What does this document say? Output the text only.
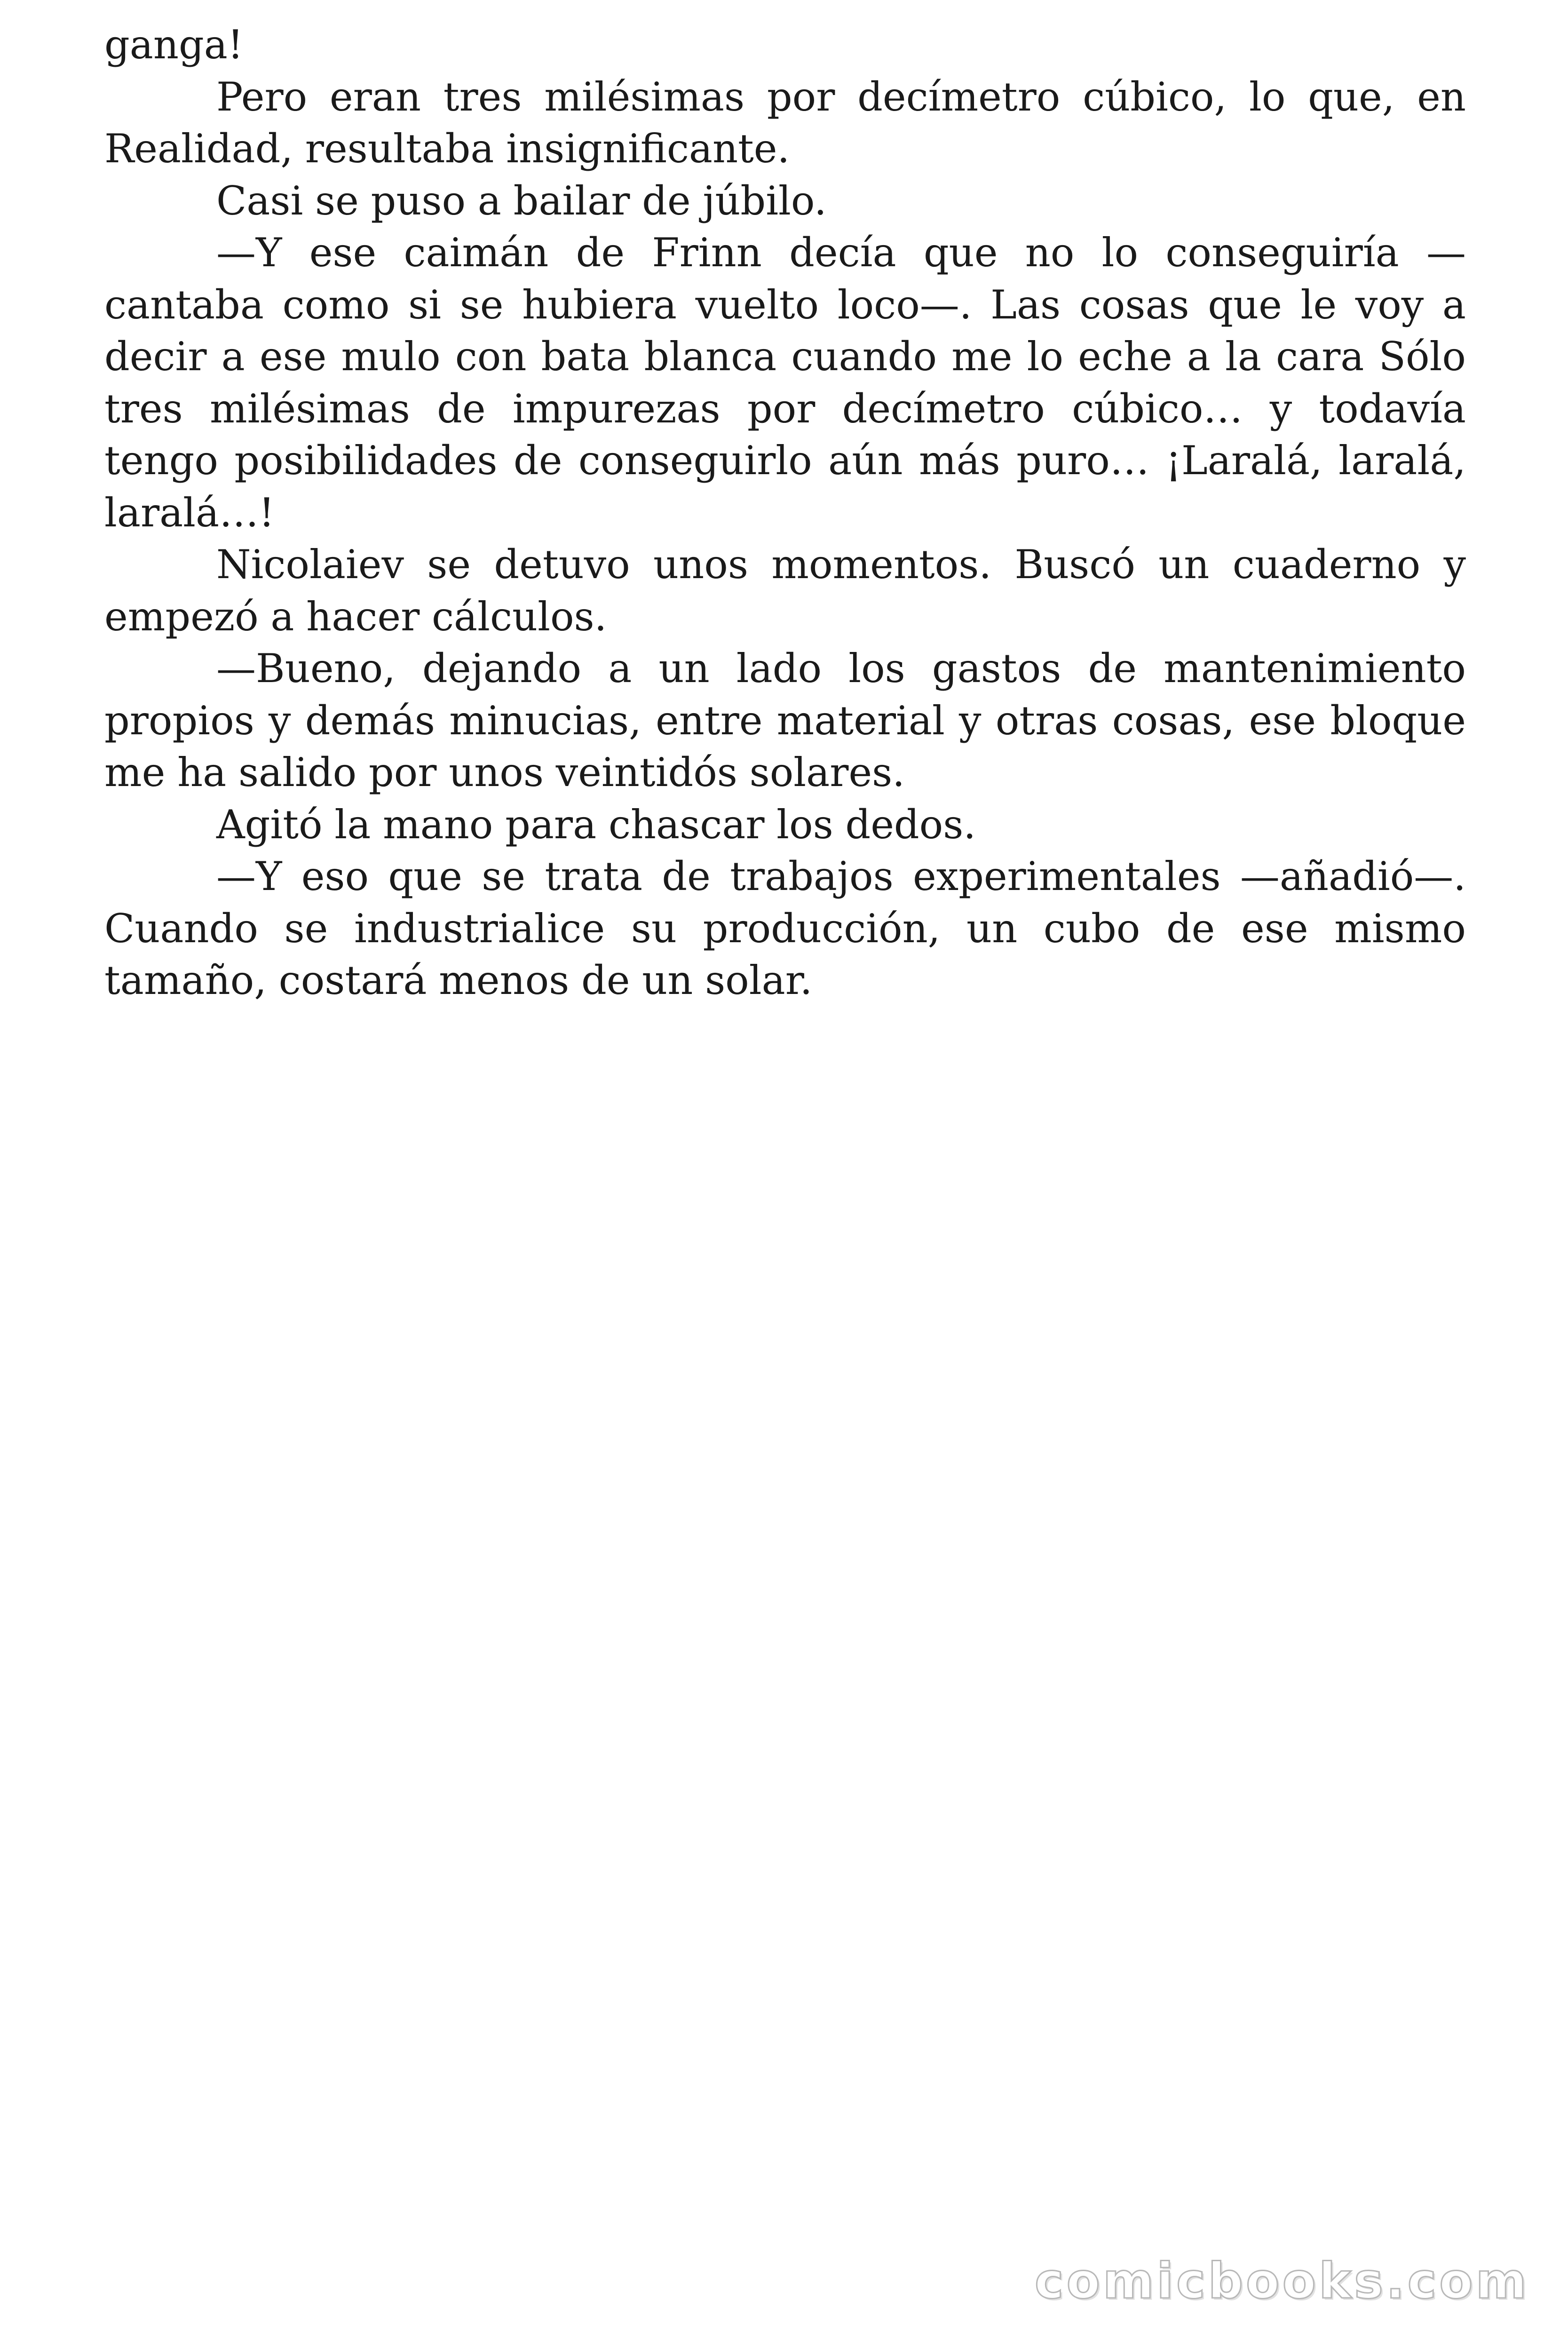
ganga!

Pero eran tres milésimas por decímetro cúbico, lo que, en Realidad, resultaba insignificante.

Casi se puso a bailar de júbilo.

—Y ese caimán de Frinn decía que no lo conseguiría —cantaba como si se hubiera vuelto loco—. Las cosas que le voy a decir a ese mulo con bata blanca cuando me lo eche a la cara Sólo tres milésimas de impurezas por decímetro cúbico… y todavía tengo posibilidades de conseguirlo aún más puro… ¡Laralá, laralá, laralá…!

Nicolaiev se detuvo unos momentos. Buscó un cuaderno y empezó a hacer cálculos.

—Bueno, dejando a un lado los gastos de mantenimiento propios y demás minucias, entre material y otras cosas, ese bloque me ha salido por unos veintidós solares.

Agitó la mano para chascar los dedos.

—Y eso que se trata de trabajos experimentales —añadió—. Cuando se industrialice su producción, un cubo de ese mismo tamaño, costará menos de un solar.

comicbooks.com
